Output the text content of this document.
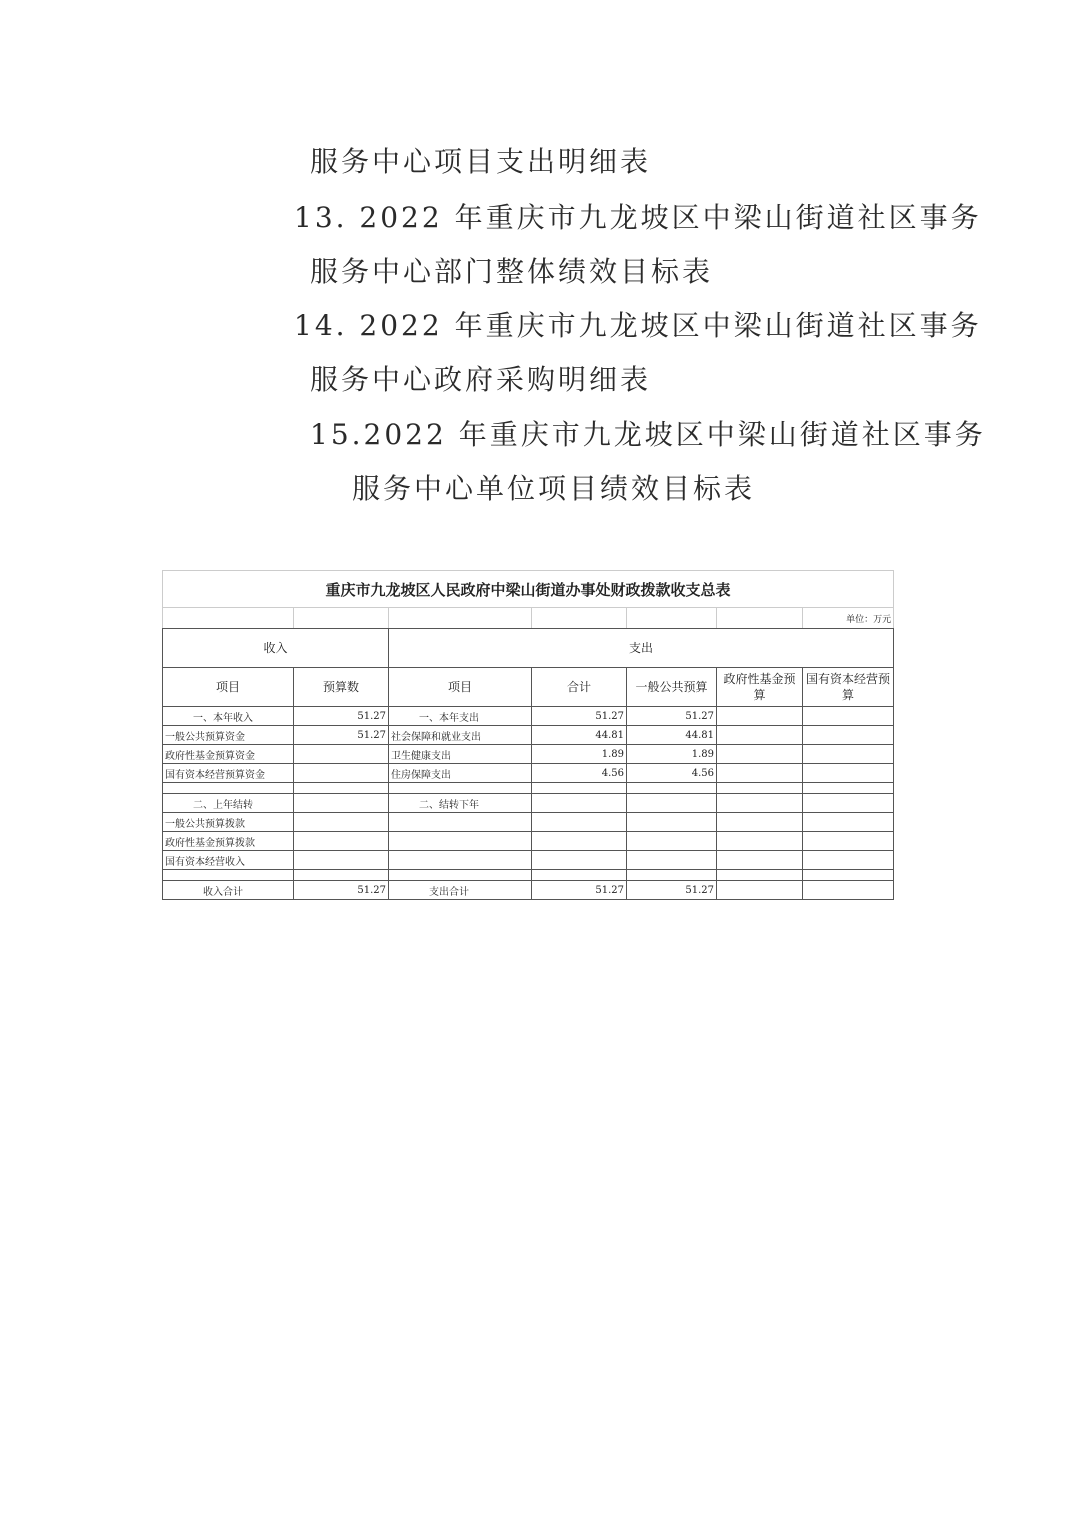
服务中心项目支出明细表
13. 2022 年重庆市九龙坡区中梁山街道社区事务
服务中心部门整体绩效目标表
14. 2022 年重庆市九龙坡区中梁山街道社区事务
服务中心政府采购明细表
15.2022 年重庆市九龙坡区中梁山街道社区事务
服务中心单位项目绩效目标表
重庆市九龙坡区人民政府中梁山街道办事处财政拨款收支总表						
						单位：万元
收入		支出				
项目	预算数	项目	合计	一般公共预算	政府性基金预算	国有资本经营预算
一、本年收入	51.27	一、本年支出	51.27	51.27		
一般公共预算资金	51.27	社会保障和就业支出	44.81	44.81		
政府性基金预算资金		卫生健康支出	1.89	1.89		
国有资本经营预算资金		住房保障支出	4.56	4.56		

二、上年结转		二、结转下年				
一般公共预算拨款						
政府性基金预算拨款						
国有资本经营收入						

收入合计	51.27	支出合计	51.27	51.27		
